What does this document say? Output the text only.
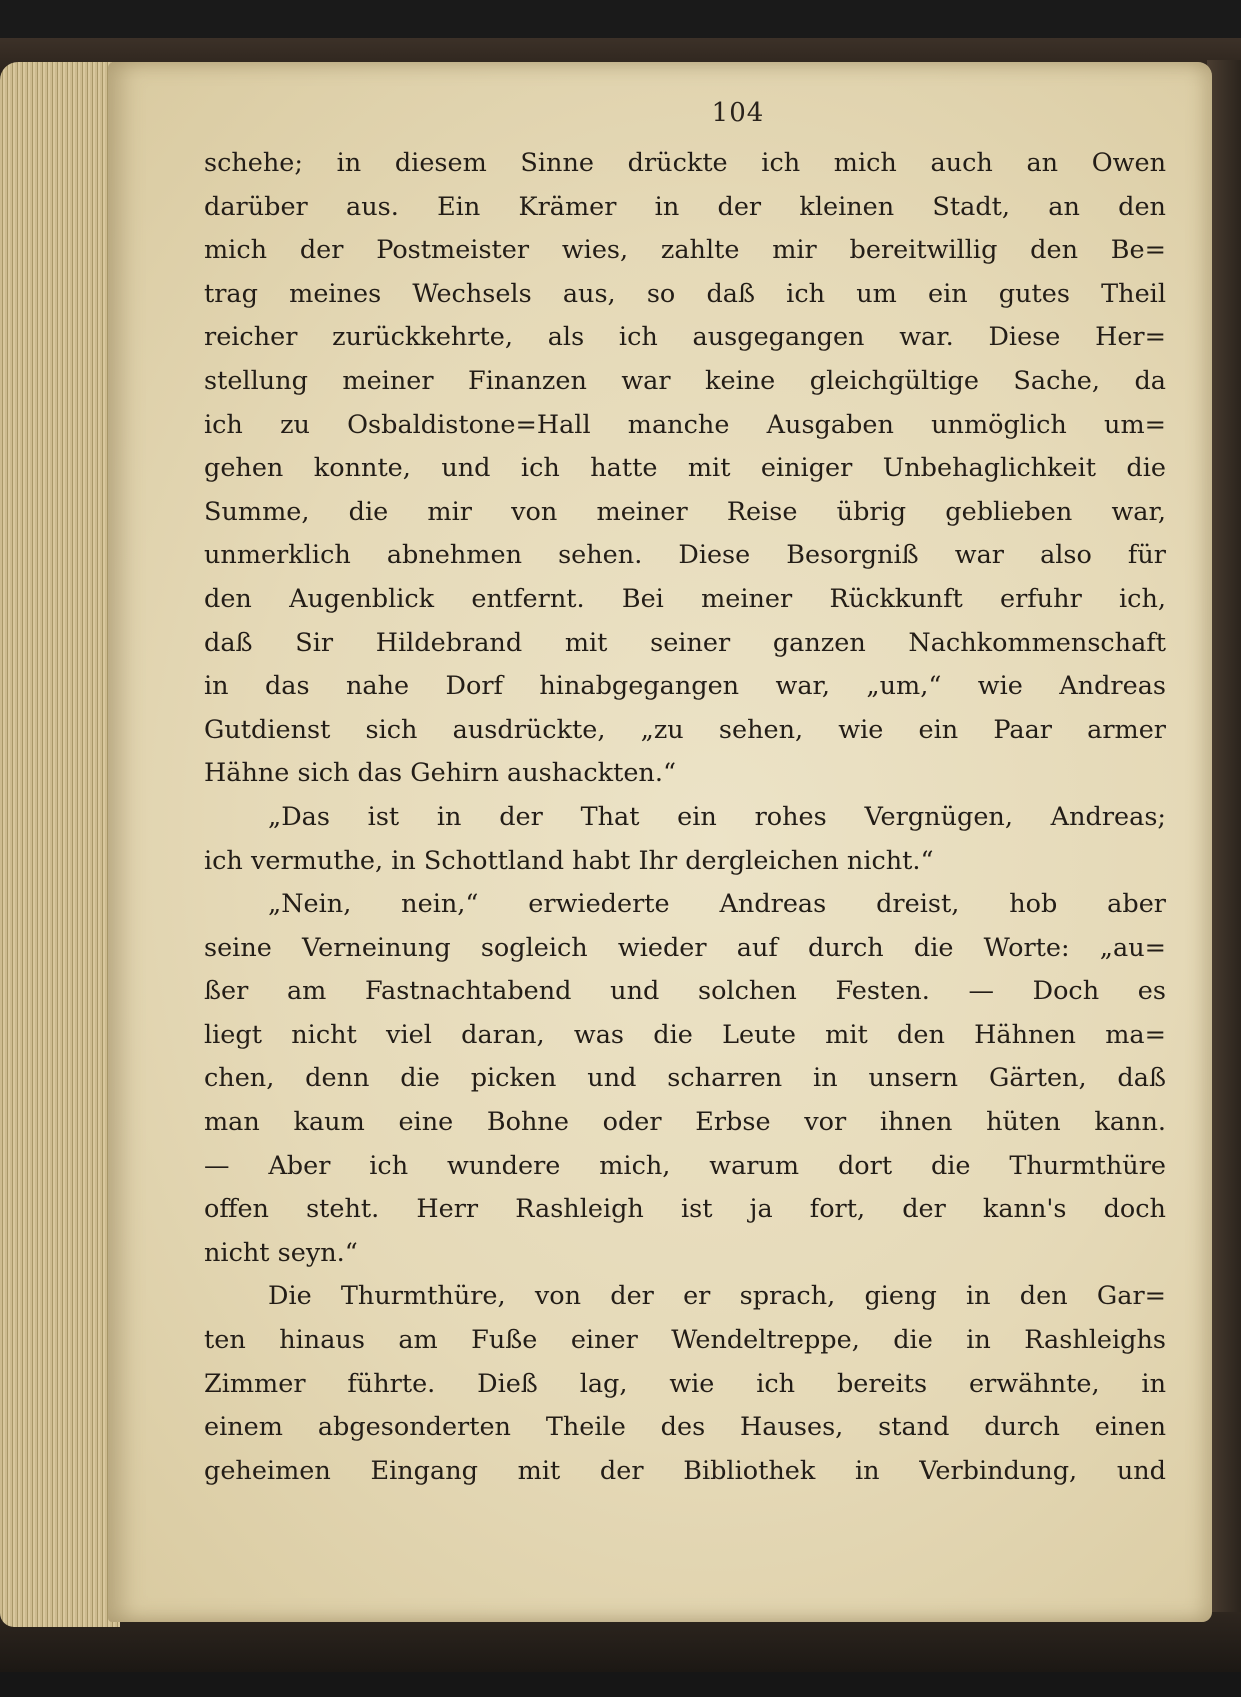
104
schehe; in diesem Sinne drückte ich mich auch an Owen
darüber aus. Ein Krämer in der kleinen Stadt, an den
mich der Postmeister wies, zahlte mir bereitwillig den Be=
trag meines Wechsels aus, so daß ich um ein gutes Theil
reicher zurückkehrte, als ich ausgegangen war. Diese Her=
stellung meiner Finanzen war keine gleichgültige Sache, da
ich zu Osbaldistone=Hall manche Ausgaben unmöglich um=
gehen konnte, und ich hatte mit einiger Unbehaglichkeit die
Summe, die mir von meiner Reise übrig geblieben war,
unmerklich abnehmen sehen. Diese Besorgniß war also für
den Augenblick entfernt. Bei meiner Rückkunft erfuhr ich,
daß Sir Hildebrand mit seiner ganzen Nachkommenschaft
in das nahe Dorf hinabgegangen war, „um,“ wie Andreas
Gutdienst sich ausdrückte, „zu sehen, wie ein Paar armer
Hähne sich das Gehirn aushackten.“
„Das ist in der That ein rohes Vergnügen, Andreas;
ich vermuthe, in Schottland habt Ihr dergleichen nicht.“
„Nein, nein,“ erwiederte Andreas dreist, hob aber
seine Verneinung sogleich wieder auf durch die Worte: „au=
ßer am Fastnachtabend und solchen Festen. — Doch es
liegt nicht viel daran, was die Leute mit den Hähnen ma=
chen, denn die picken und scharren in unsern Gärten, daß
man kaum eine Bohne oder Erbse vor ihnen hüten kann.
— Aber ich wundere mich, warum dort die Thurmthüre
offen steht. Herr Rashleigh ist ja fort, der kann's doch
nicht seyn.“
Die Thurmthüre, von der er sprach, gieng in den Gar=
ten hinaus am Fuße einer Wendeltreppe, die in Rashleighs
Zimmer führte. Dieß lag, wie ich bereits erwähnte, in
einem abgesonderten Theile des Hauses, stand durch einen
geheimen Eingang mit der Bibliothek in Verbindung, und
